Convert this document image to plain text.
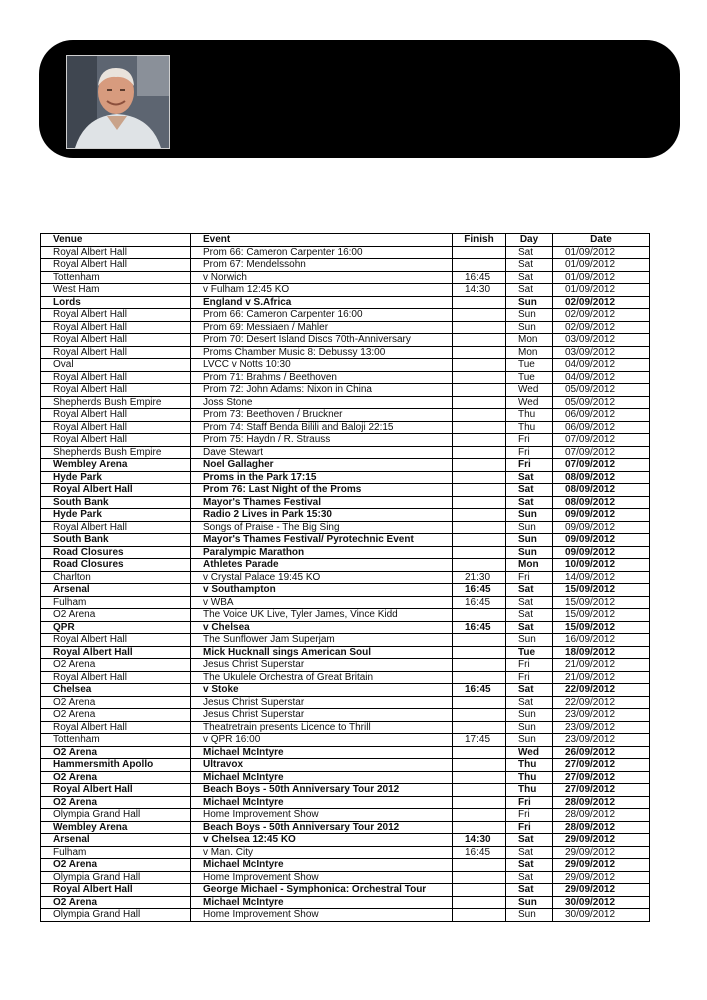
Venue	Event	Finish	Day	Date
Royal Albert Hall	Prom 66: Cameron Carpenter 16:00		Sat	01/09/2012
Royal Albert Hall	Prom 67: Mendelssohn		Sat	01/09/2012
Tottenham	v Norwich	16:45	Sat	01/09/2012
West Ham	v Fulham 12:45 KO	14:30	Sat	01/09/2012
Lords	England v S.Africa		Sun	02/09/2012
Royal Albert Hall	Prom 66: Cameron Carpenter 16:00		Sun	02/09/2012
Royal Albert Hall	Prom 69: Messiaen / Mahler		Sun	02/09/2012
Royal Albert Hall	Prom 70: Desert Island Discs 70th-Anniversary		Mon	03/09/2012
Royal Albert Hall	Proms Chamber Music 8: Debussy 13:00		Mon	03/09/2012
Oval	LVCC v Notts 10:30		Tue	04/09/2012
Royal Albert Hall	Prom 71: Brahms / Beethoven		Tue	04/09/2012
Royal Albert Hall	Prom 72: John Adams: Nixon in China		Wed	05/09/2012
Shepherds Bush Empire	Joss Stone		Wed	05/09/2012
Royal Albert Hall	Prom 73: Beethoven / Bruckner		Thu	06/09/2012
Royal Albert Hall	Prom 74: Staff Benda Bilili and Baloji 22:15		Thu	06/09/2012
Royal Albert Hall	Prom 75: Haydn / R. Strauss		Fri	07/09/2012
Shepherds Bush Empire	Dave Stewart		Fri	07/09/2012
Wembley Arena	Noel Gallagher		Fri	07/09/2012
Hyde Park	Proms in the Park 17:15		Sat	08/09/2012
Royal Albert Hall	Prom 76: Last Night of the Proms		Sat	08/09/2012
South Bank	Mayor's Thames Festival		Sat	08/09/2012
Hyde Park	Radio 2 Lives in Park 15:30		Sun	09/09/2012
Royal Albert Hall	Songs of Praise - The Big Sing		Sun	09/09/2012
South Bank	Mayor's Thames Festival/ Pyrotechnic Event		Sun	09/09/2012
Road Closures	Paralympic Marathon		Sun	09/09/2012
Road Closures	Athletes Parade		Mon	10/09/2012
Charlton	v Crystal Palace 19:45 KO	21:30	Fri	14/09/2012
Arsenal	v Southampton	16:45	Sat	15/09/2012
Fulham	v WBA	16:45	Sat	15/09/2012
O2 Arena	The Voice UK Live, Tyler James, Vince Kidd		Sat	15/09/2012
QPR	v Chelsea	16:45	Sat	15/09/2012
Royal Albert Hall	The Sunflower Jam Superjam		Sun	16/09/2012
Royal Albert Hall	Mick Hucknall sings American Soul		Tue	18/09/2012
O2 Arena	Jesus Christ Superstar		Fri	21/09/2012
Royal Albert Hall	The Ukulele Orchestra of Great Britain		Fri	21/09/2012
Chelsea	v Stoke	16:45	Sat	22/09/2012
O2 Arena	Jesus Christ Superstar		Sat	22/09/2012
O2 Arena	Jesus Christ Superstar		Sun	23/09/2012
Royal Albert Hall	Theatretrain presents Licence to Thrill		Sun	23/09/2012
Tottenham	v QPR 16:00	17:45	Sun	23/09/2012
O2 Arena	Michael McIntyre		Wed	26/09/2012
Hammersmith Apollo	Ultravox		Thu	27/09/2012
O2 Arena	Michael McIntyre		Thu	27/09/2012
Royal Albert Hall	Beach Boys - 50th Anniversary Tour 2012		Thu	27/09/2012
O2 Arena	Michael McIntyre		Fri	28/09/2012
Olympia Grand Hall	Home Improvement Show		Fri	28/09/2012
Wembley Arena	Beach Boys - 50th Anniversary Tour 2012		Fri	28/09/2012
Arsenal	v Chelsea 12:45 KO	14:30	Sat	29/09/2012
Fulham	v Man. City	16:45	Sat	29/09/2012
O2 Arena	Michael McIntyre		Sat	29/09/2012
Olympia Grand Hall	Home Improvement Show		Sat	29/09/2012
Royal Albert Hall	George Michael - Symphonica: Orchestral Tour		Sat	29/09/2012
O2 Arena	Michael McIntyre		Sun	30/09/2012
Olympia Grand Hall	Home Improvement Show		Sun	30/09/2012
